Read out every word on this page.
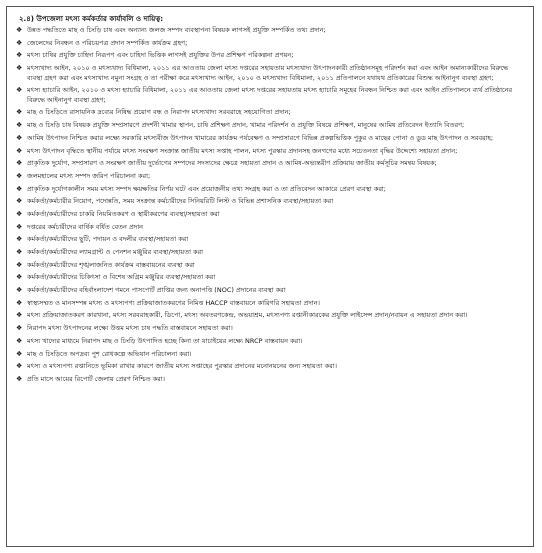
২.৪) উপজেলা মৎস্য কর্মকর্তার কার্যাবলি ও দায়িত্ব:
❖ উন্নত পদ্ধতিতে মাছ ও চিংড়ি চাষ এবং অন্যান্য জলজ সম্পদ ব্যবস্থাপনা বিষয়ক লাগসই প্রযুক্তি সম্পর্কিত তথ্য প্রদান;
❖ জেলেদের নিবন্ধন ও পরিচয়পত্র প্রদান সম্পর্কিত কার্যক্রম গ্রহণ;
❖ মৎস্য চাষির প্রযুক্তি চাহিদা নিরূপণ এবং চাহিদা ভিত্তিক লাগসই প্রযুক্তির উপর প্রশিক্ষণ পরিকল্পনা প্রণয়ন;
❖ মৎস্যখাদ্য আইন, ২০১০ ও মৎস্যখাদ্য বিধিমালা, ২০১১ এর আওতায় জেলা মৎস্য দপ্তরের সহায়তায় মৎস্যখাদ্য উৎপাদনকারী প্রতিষ্ঠানসমূহ পরিদর্শন করা এবং আইন অমান্যকারীদের বিরুদ্ধে ব্যবস্থা গ্রহণ করা এবং মৎস্যখাদ্য নমুনা সংগ্রহ ও তা পরীক্ষা করে মৎস্যখাদ্য আইন, ২০১০ ও মৎস্যখাদ্য বিধিমালা, ২০১১ প্রতিপালনে যথাযথ প্রতিকারের বিশুদ্ধ আইনানুগ ব্যবস্থা গ্রহণ;
❖ মৎস্য হ্যাচারি আইন, ২০১০ ও মৎস্য হ্যাচারি বিধিমালা, ২০১১ এর আওতায় জেলা মৎস্য দপ্তরের সহায়তায় মৎস্য হ্যাচারি সমূহের নিবন্ধন নিশ্চিত করা এবং আইন প্রতিপালনে ব্যর্থ প্রতিষ্ঠানের বিরুদ্ধে আইনানুগ ব্যবস্থা গ্রহণ;
❖ মাছ ও চিংড়িতে রাসায়নিক দ্রব্যের নিষিদ্ধ প্রয়োগ বন্ধ ও নিরাপদ মৎস্যখাদ্য সরবরাহে সহযোগিতা প্রদান;
❖ মাছ ও চিংড়ি চাষ বিষয়ক প্রযুক্তি সম্প্রসারণে প্রদর্শনী খামার স্থাপন, চাষি প্রশিক্ষণ প্রদান, খামার পরিদর্শন ও প্রযুক্তি বিষয়ে প্রশিক্ষণ, মানুষের আমিষ প্রতিবেদন ইত্যাদি বিতরণ;
❖ আমিষ উৎপাদন নিশ্চিত করার লক্ষ্যে সরকারি মৎস্যবীজ উৎপাদন খামারের কার্যক্রম পর্যবেক্ষণ ও সম্প্রসারণে বিভিন্ন প্রকল্পভিত্তিক পুকুর ও মাছের পোনা ও ডুড মাছ উৎপাদন ও সরবরাহ;
❖ মৎস্য উৎপাদন বৃদ্ধিতে স্থানীয় পর্যায়ে মৎস্য সংরক্ষণ সংক্রান্ত জাতীয় মৎস্য সপ্তাহ পালন, মৎস্য পুরস্কার প্রদানসহ জনগণের মধ্যে সচেতনতা বৃদ্ধির উদ্দেশ্যে সহায়তা প্রদান;
❖ প্রাকৃতিক দুর্যোগ, সম্প্রসারণ ও সংরক্ষণ জাতীয় দুর্ভোগের সম্পদের সদস্যদের ক্ষেত্রে সহায়তা প্রদান ও আমিষ-অভ্যন্তরীণ প্রক্রিয়ায় জাতীয় কর্মসূচির সমন্বয় বিষয়ক;
❖ জলমহালের মৎস্য সম্পদ জরিপ পরিচালনা করা;
❖ প্রাকৃতিক দুর্যোগকালীন সময় মৎস্য সম্পদ ক্ষয়ক্ষতির নির্ণয় ঘটে এবং প্রয়োজনীয় তথ্য সংগ্রহ করা ও তা প্রতিবেদন আকারে প্রেরণ ব্যবস্থা করা;
❖ কর্মকর্তা/কর্মচারীর নিয়োগ, পদোন্নতি, সময় সংক্রান্ত কর্মচারীদের সিনিয়রিটি লিস্ট ও বিভিন্ন প্রশাসনিক ব্যবস্থা/সহায়তা করা
❖ কর্মকর্তা/কর্মচারীদের চাকরি নিয়মিতকরণ ও স্থায়ীকরণের ব্যবস্থা/সহায়তা করা
❖ দপ্তরের কর্মচারীদের বার্ষিক বর্ধিত বেতন প্রদান
❖ কর্মকর্তা/কর্মচারীদের ছুটি, পদায়ন ও বদলীর ব্যবস্থা/সহায়তা করা
❖ কর্মকর্তা/কর্মচারীদের ল্যামগ্রান্ট ও পেনশন মঞ্জুরির ব্যবস্থা/সহায়তা করা
❖ কর্মকর্তা/কর্মচারীদের শৃঙ্খলাজনিত কার্যক্রম বাস্তবায়নের ব্যবস্থা করা
❖ কর্মকর্তা/কর্মচারীদের চিকিৎসা ও বিশেষ অগ্রিম মঞ্জুরির ব্যবস্থা/সহায়তা করা
❖ কর্মকর্তা/কর্মচারীদের বহির্বাংলাদেশ গমনে পাসপোর্ট প্রাপ্তির জন্য অনাপত্তি (NOC) প্রদানের ব্যবস্থা করা
❖ স্বাস্থ্যসম্মত ও মানসম্পন্ন মৎস্য ও মৎস্যপণ্য প্রক্রিয়াজাতকরণের নিমিত্ত HACCP বাস্তবায়নে কারিগরি সহায়তা প্রদান।
❖ মৎস্য প্রক্রিয়াজাতকরণ কারখানা, মৎস্য সরবরাহকারী, ডিপো, মৎস্য অবতরণকেন্দ্র, অভয়াশ্রম, মৎস্যপণ্য রপ্তানীকারকের প্রযুক্তি লাইসেন্স প্রদান/নবায়ন এ সহায়তা প্রদান করা।
❖ নিরাপদ মৎস্য উৎপাদনের লক্ষ্যে উত্তম মৎস্য চাষ পদ্ধতি বাস্তবায়নে সহায়তা করা।
❖ মৎস্য খাদ্যের মাধ্যমে নিরাপদ মাছ ও চিংড়ি উৎপাদিত হচ্ছে কিনা তা যাচাইয়ের লক্ষ্যে NRCP বাস্তবায়ন করা।
❖ মাছ ও চিংড়িতে অপদ্রব্য পুশ রোধকল্পে অভিযান পরিচালনা করা।
❖ মৎস্য ও মৎস্যপণ্য রপ্তানিতে ভূমিকা রাখার কারণে জাতীয় মৎস্য সপ্তাহের পুরস্কার প্রদানের মনোনয়নের জন্য সহায়তা করা।
❖ প্রতি মাসে আয়ের রিপোর্ট জেলায় প্রেরণ নিশ্চিত করা।
